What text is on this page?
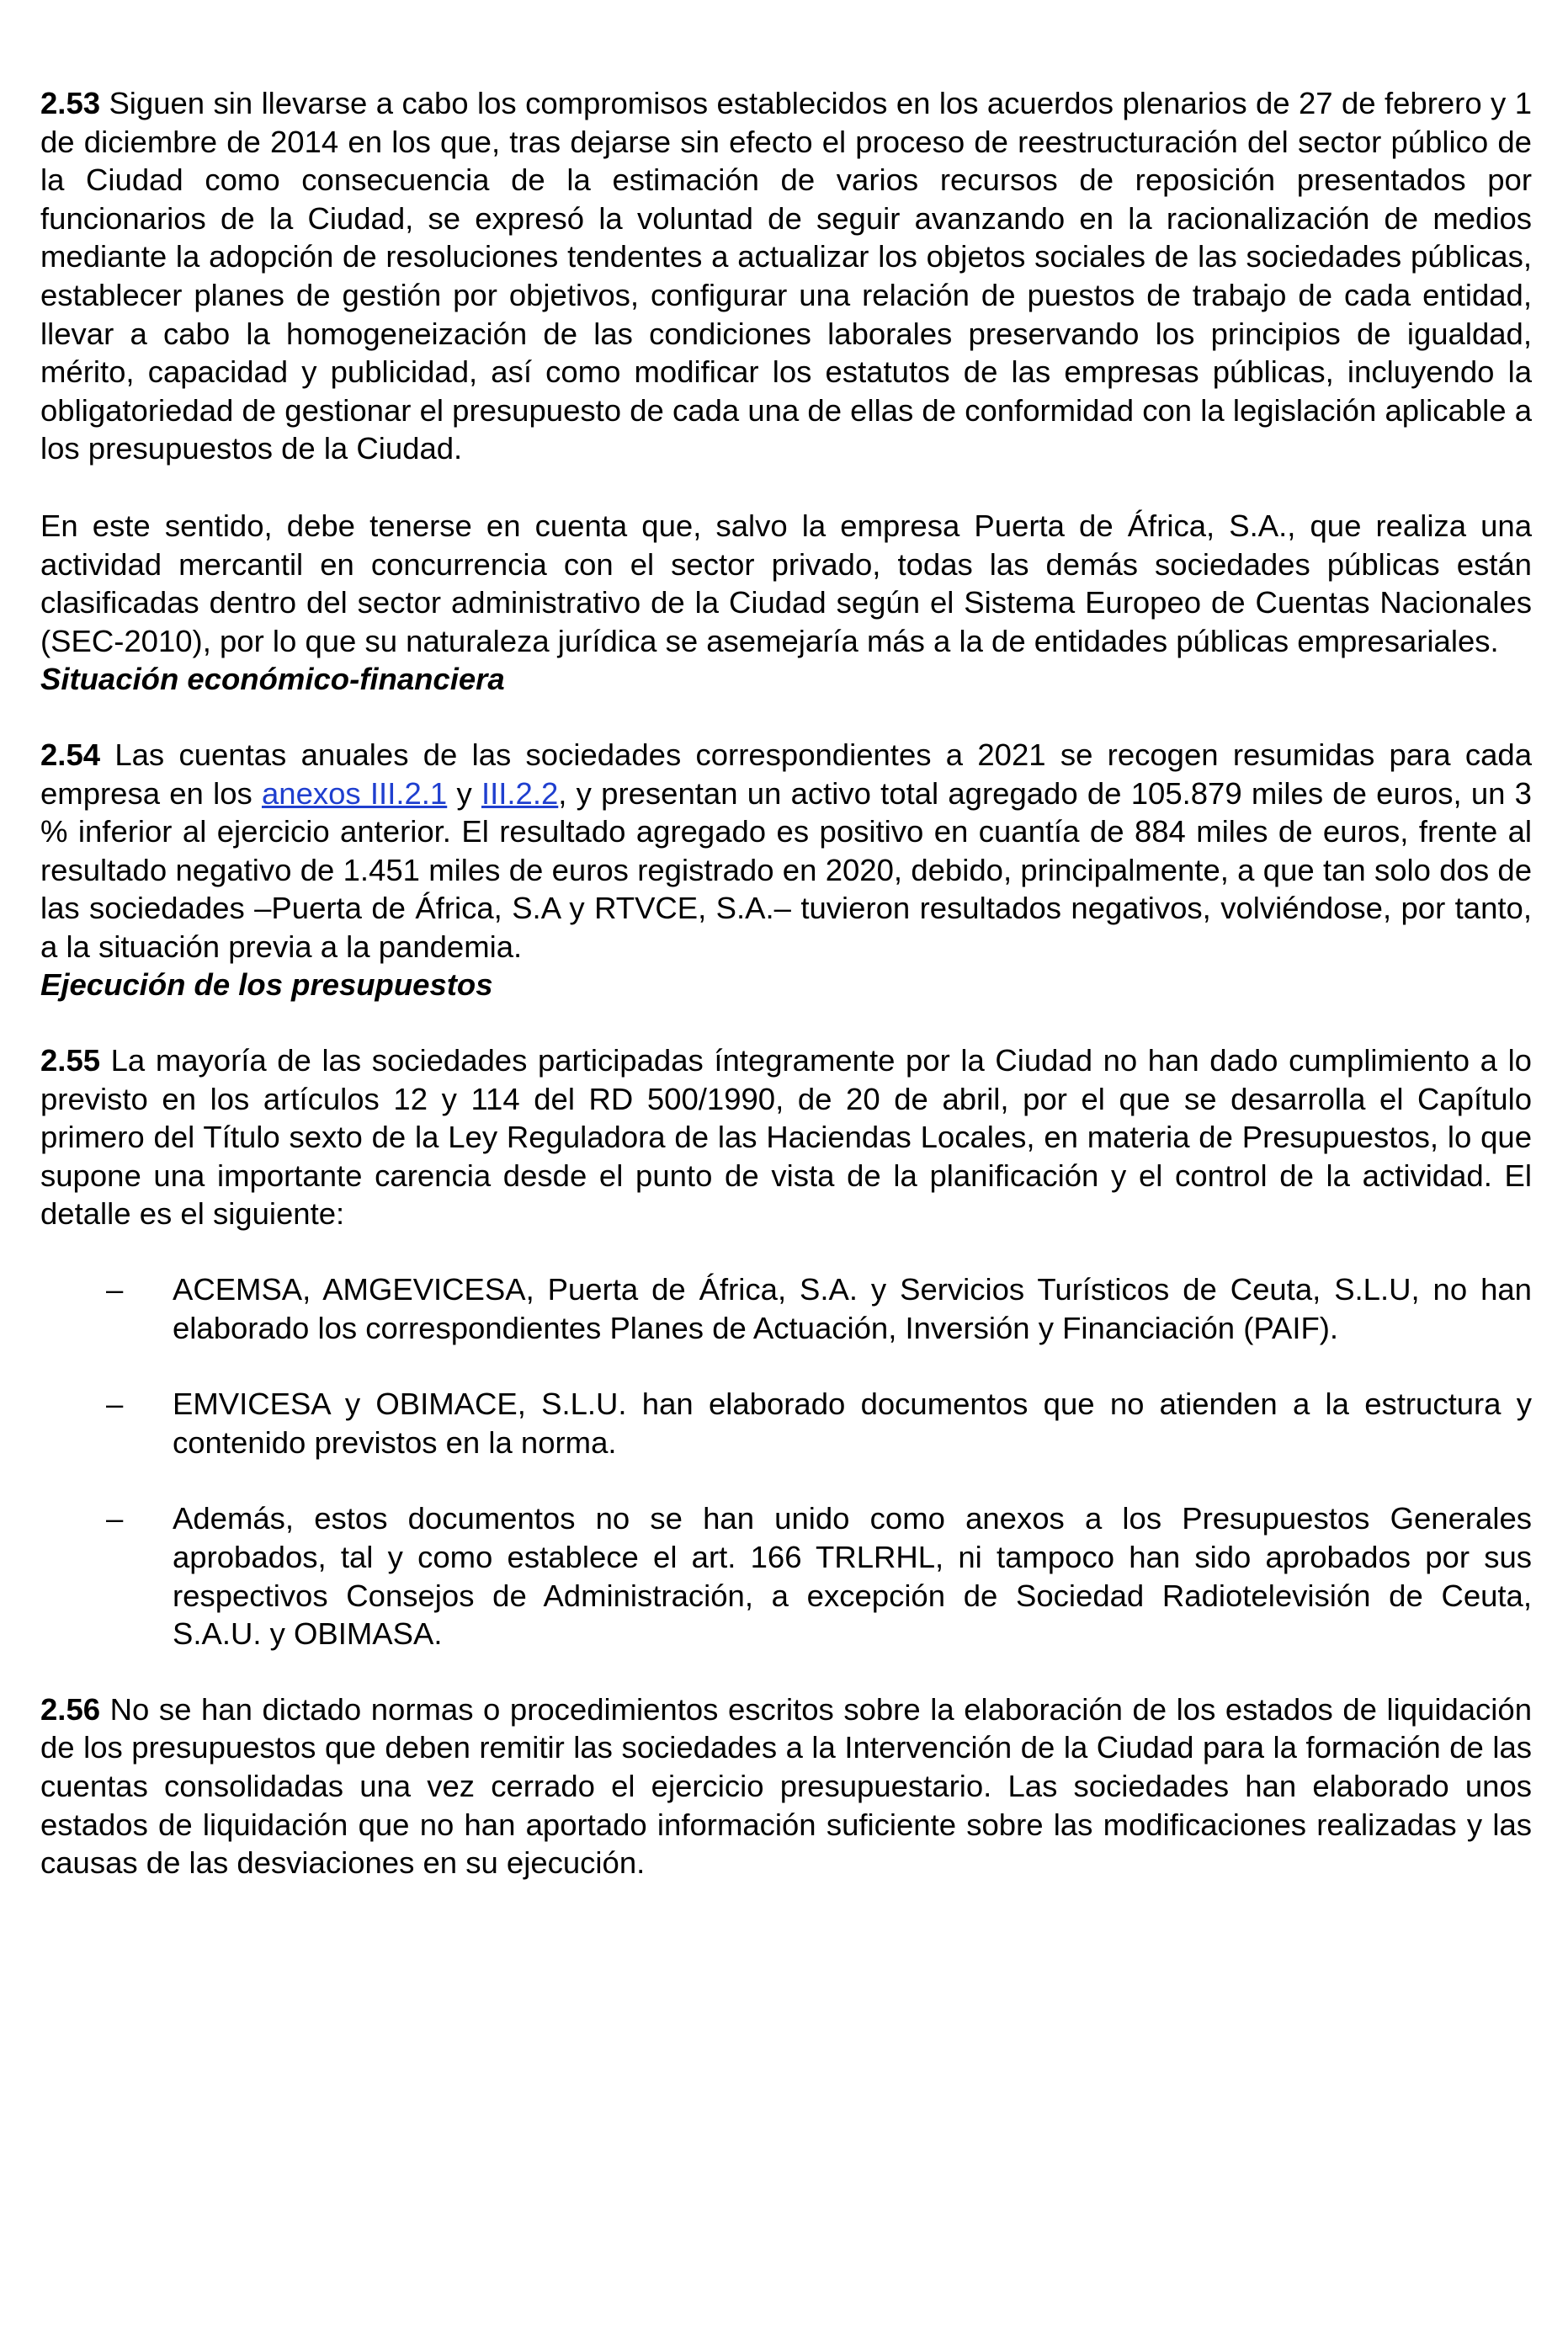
2.53 Siguen sin llevarse a cabo los compromisos establecidos en los acuerdos plenarios de 27 de febrero y 1 de diciembre de 2014 en los que, tras dejarse sin efecto el proceso de reestructuración del sector público de la Ciudad como consecuencia de la estimación de varios recursos de reposición presentados por funcionarios de la Ciudad, se expresó la voluntad de seguir avanzando en la racionalización de medios mediante la adopción de resoluciones tendentes a actualizar los objetos sociales de las sociedades públicas, establecer planes de gestión por objetivos, configurar una relación de puestos de trabajo de cada entidad, llevar a cabo la homogeneización de las condiciones laborales preservando los principios de igualdad, mérito, capacidad y publicidad, así como modificar los estatutos de las empresas públicas, incluyendo la obligatoriedad de gestionar el presupuesto de cada una de ellas de conformidad con la legislación aplicable a los presupuestos de la Ciudad.

En este sentido, debe tenerse en cuenta que, salvo la empresa Puerta de África, S.A., que realiza una actividad mercantil en concurrencia con el sector privado, todas las demás sociedades públicas están clasificadas dentro del sector administrativo de la Ciudad según el Sistema Europeo de Cuentas Nacionales (SEC-2010), por lo que su naturaleza jurídica se asemejaría más a la de entidades públicas empresariales.

Situación económico-financiera

2.54 Las cuentas anuales de las sociedades correspondientes a 2021 se recogen resumidas para cada empresa en los anexos III.2.1 y III.2.2, y presentan un activo total agregado de 105.879 miles de euros, un 3 % inferior al ejercicio anterior. El resultado agregado es positivo en cuantía de 884 miles de euros, frente al resultado negativo de 1.451 miles de euros registrado en 2020, debido, principalmente, a que tan solo dos de las sociedades –Puerta de África, S.A y RTVCE, S.A.– tuvieron resultados negativos, volviéndose, por tanto, a la situación previa a la pandemia.

Ejecución de los presupuestos

2.55 La mayoría de las sociedades participadas íntegramente por la Ciudad no han dado cumplimiento a lo previsto en los artículos 12 y 114 del RD 500/1990, de 20 de abril, por el que se desarrolla el Capítulo primero del Título sexto de la Ley Reguladora de las Haciendas Locales, en materia de Presupuestos, lo que supone una importante carencia desde el punto de vista de la planificación y el control de la actividad. El detalle es el siguiente:

– ACEMSA, AMGEVICESA, Puerta de África, S.A. y Servicios Turísticos de Ceuta, S.L.U, no han elaborado los correspondientes Planes de Actuación, Inversión y Financiación (PAIF).
– EMVICESA y OBIMACE, S.L.U. han elaborado documentos que no atienden a la estructura y contenido previstos en la norma.
– Además, estos documentos no se han unido como anexos a los Presupuestos Generales aprobados, tal y como establece el art. 166 TRLRHL, ni tampoco han sido aprobados por sus respectivos Consejos de Administración, a excepción de Sociedad Radiotelevisión de Ceuta, S.A.U. y OBIMASA.

2.56 No se han dictado normas o procedimientos escritos sobre la elaboración de los estados de liquidación de los presupuestos que deben remitir las sociedades a la Intervención de la Ciudad para la formación de las cuentas consolidadas una vez cerrado el ejercicio presupuestario. Las sociedades han elaborado unos estados de liquidación que no han aportado información suficiente sobre las modificaciones realizadas y las causas de las desviaciones en su ejecución.
